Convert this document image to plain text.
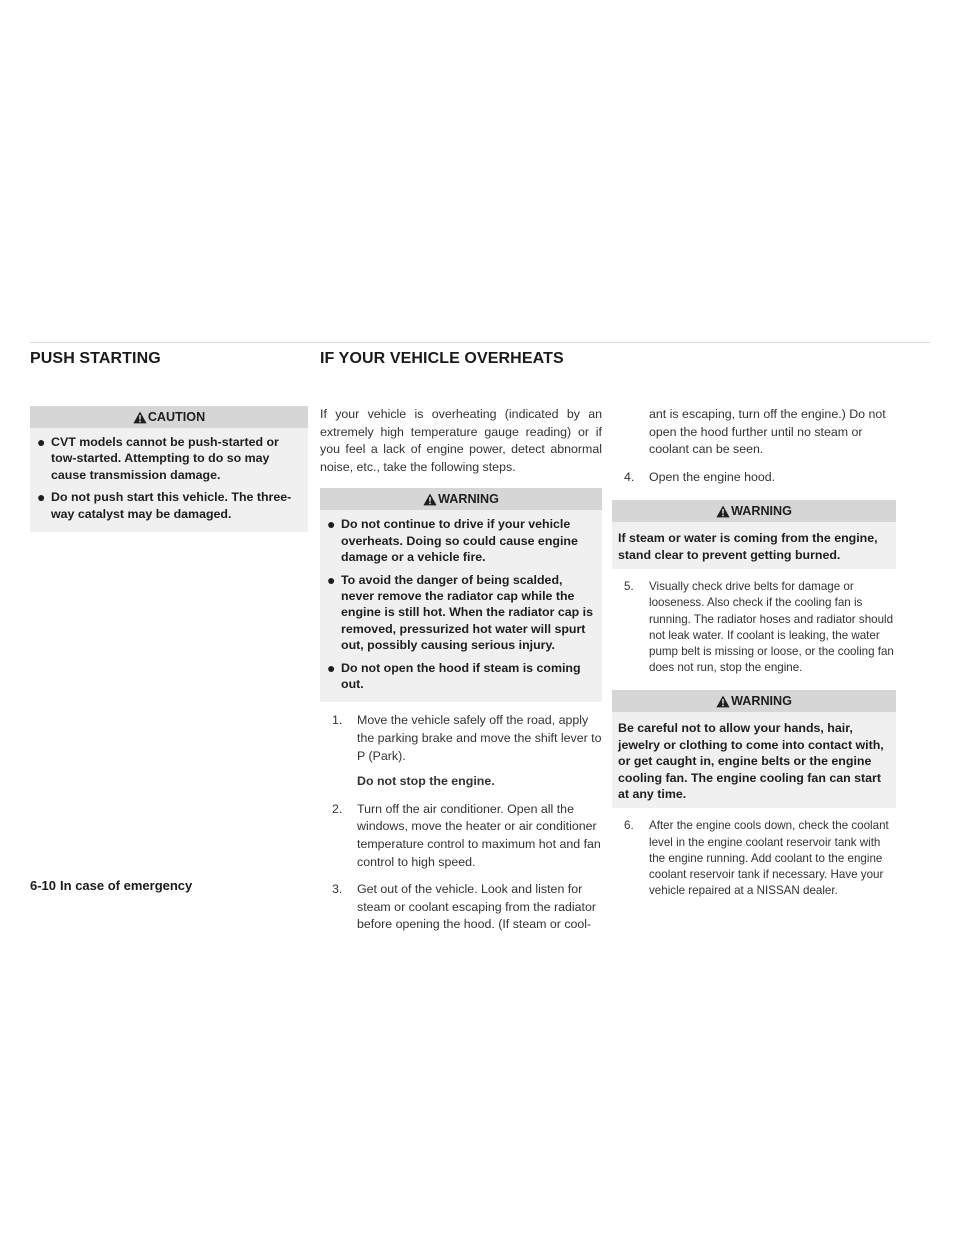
PUSH STARTING	IF YOUR VEHICLE OVERHEATS
CAUTION
● CVT models cannot be push-started or tow-started. Attempting to do so may cause transmission damage.
● Do not push start this vehicle. The three-way catalyst may be damaged.

If your vehicle is overheating (indicated by an extremely high temperature gauge reading) or if you feel a lack of engine power, detect abnormal noise, etc., take the following steps.

WARNING
● Do not continue to drive if your vehicle overheats. Doing so could cause engine damage or a vehicle fire.
● To avoid the danger of being scalded, never remove the radiator cap while the engine is still hot. When the radiator cap is removed, pressurized hot water will spurt out, possibly causing serious injury.
● Do not open the hood if steam is coming out.
1. Move the vehicle safely off the road, apply the parking brake and move the shift lever to P (Park).
Do not stop the engine.
2. Turn off the air conditioner. Open all the windows, move the heater or air conditioner temperature control to maximum hot and fan control to high speed.
3. Get out of the vehicle. Look and listen for steam or coolant escaping from the radiator before opening the hood. (If steam or cool-
ant is escaping, turn off the engine.) Do not open the hood further until no steam or coolant can be seen.
4. Open the engine hood.
WARNING
If steam or water is coming from the engine, stand clear to prevent getting burned.
5. Visually check drive belts for damage or looseness. Also check if the cooling fan is running. The radiator hoses and radiator should not leak water. If coolant is leaking, the water pump belt is missing or loose, or the cooling fan does not run, stop the engine.
WARNING
Be careful not to allow your hands, hair, jewelry or clothing to come into contact with, or get caught in, engine belts or the engine cooling fan. The engine cooling fan can start at any time.
6. After the engine cools down, check the coolant level in the engine coolant reservoir tank with the engine running. Add coolant to the engine coolant reservoir tank if necessary. Have your vehicle repaired at a NISSAN dealer.
6-10 In case of emergency
